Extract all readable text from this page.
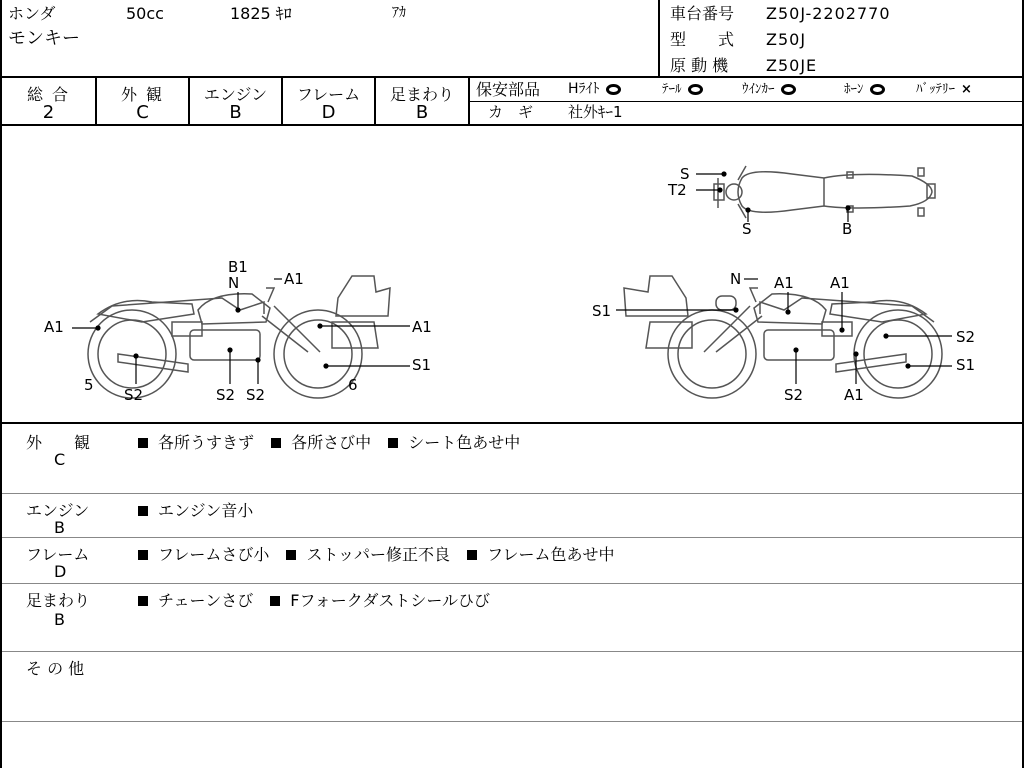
ホンダ	50cc	1825 ｷﾛ	ｱｶ
モンキー
車台番号 Z50J-2202770
型　　式 Z50J
原 動 機 Z50JE
総 合
2
外 観
C
エンジン
B
フレーム
D
足まわり
B
保安部品 Hﾗｲﾄ	ﾃｰﾙ	ｳｲﾝｶｰ	ﾎｰﾝ	ﾊﾞｯﾃﾘｰ ×
カ　ギ 社外ｷｰ1
S
T2
S	B
A1
B1
N	A1
A1
S1
5
S2	S2 S2
6
N A1 A1
S1
S2
S1
S2	A1
外　　観
C
各所うすきず 各所さび中 シート色あせ中
エンジン
B
エンジン音小
フレーム
D
フレームさび小 ストッパー修正不良 フレーム色あせ中
足まわり
B
チェーンさび Fフォークダストシールひび
そ の 他
